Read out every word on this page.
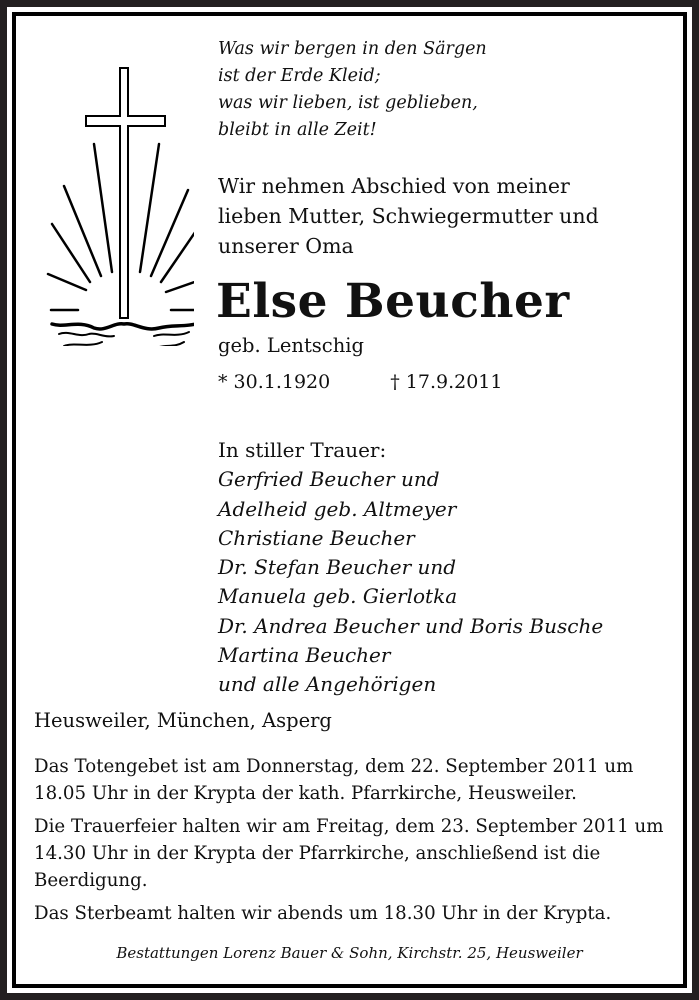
Was wir bergen in den Särgen
ist der Erde Kleid;
was wir lieben, ist geblieben,
bleibt in alle Zeit!
Wir nehmen Abschied von meiner
lieben Mutter, Schwiegermutter und
unserer Oma
Else Beucher
geb. Lentschig
* 30.1.1920	† 17.9.2011
In stiller Trauer:
Gerfried Beucher und
Adelheid geb. Altmeyer
Christiane Beucher
Dr. Stefan Beucher und
Manuela geb. Gierlotka
Dr. Andrea Beucher und Boris Busche
Martina Beucher
und alle Angehörigen
Heusweiler, München, Asperg

Das Totengebet ist am Donnerstag, dem 22. September 2011 um 18.05 Uhr in der Krypta der kath. Pfarrkirche, Heusweiler.

Die Trauerfeier halten wir am Freitag, dem 23. September 2011 um 14.30 Uhr in der Krypta der Pfarrkirche, anschließend ist die Beerdigung.

Das Sterbeamt halten wir abends um 18.30 Uhr in der Krypta.

Bestattungen Lorenz Bauer & Sohn, Kirchstr. 25, Heusweiler
